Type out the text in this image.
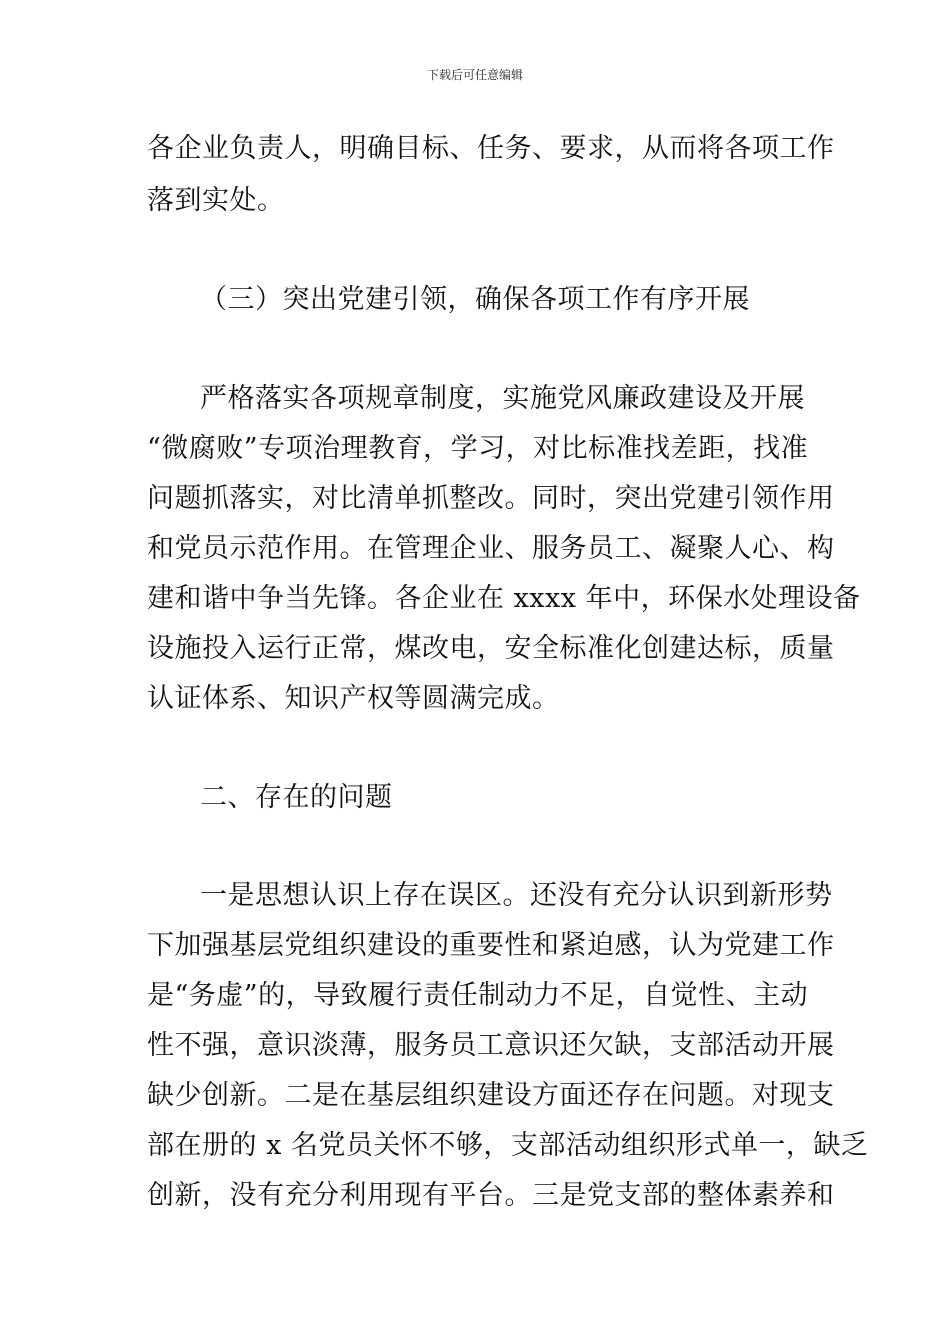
下载后可任意编辑
各企业负责人，明确目标、任务、要求，从而将各项工作
落到实处。
（三）突出党建引领，确保各项工作有序开展
严格落实各项规章制度，实施党风廉政建设及开展
“微腐败”专项治理教育，学习，对比标准找差距，找准
问题抓落实，对比清单抓整改。同时，突出党建引领作用
和党员示范作用。在管理企业、服务员工、凝聚人心、构
建和谐中争当先锋。各企业在 xxxx 年中，环保水处理设备
设施投入运行正常，煤改电，安全标准化创建达标，质量
认证体系、知识产权等圆满完成。
二、存在的问题
一是思想认识上存在误区。还没有充分认识到新形势
下加强基层党组织建设的重要性和紧迫感，认为党建工作
是“务虚”的，导致履行责任制动力不足，自觉性、主动
性不强，意识淡薄，服务员工意识还欠缺，支部活动开展
缺少创新。二是在基层组织建设方面还存在问题。对现支
部在册的 x 名党员关怀不够，支部活动组织形式单一，缺乏
创新，没有充分利用现有平台。三是党支部的整体素养和
